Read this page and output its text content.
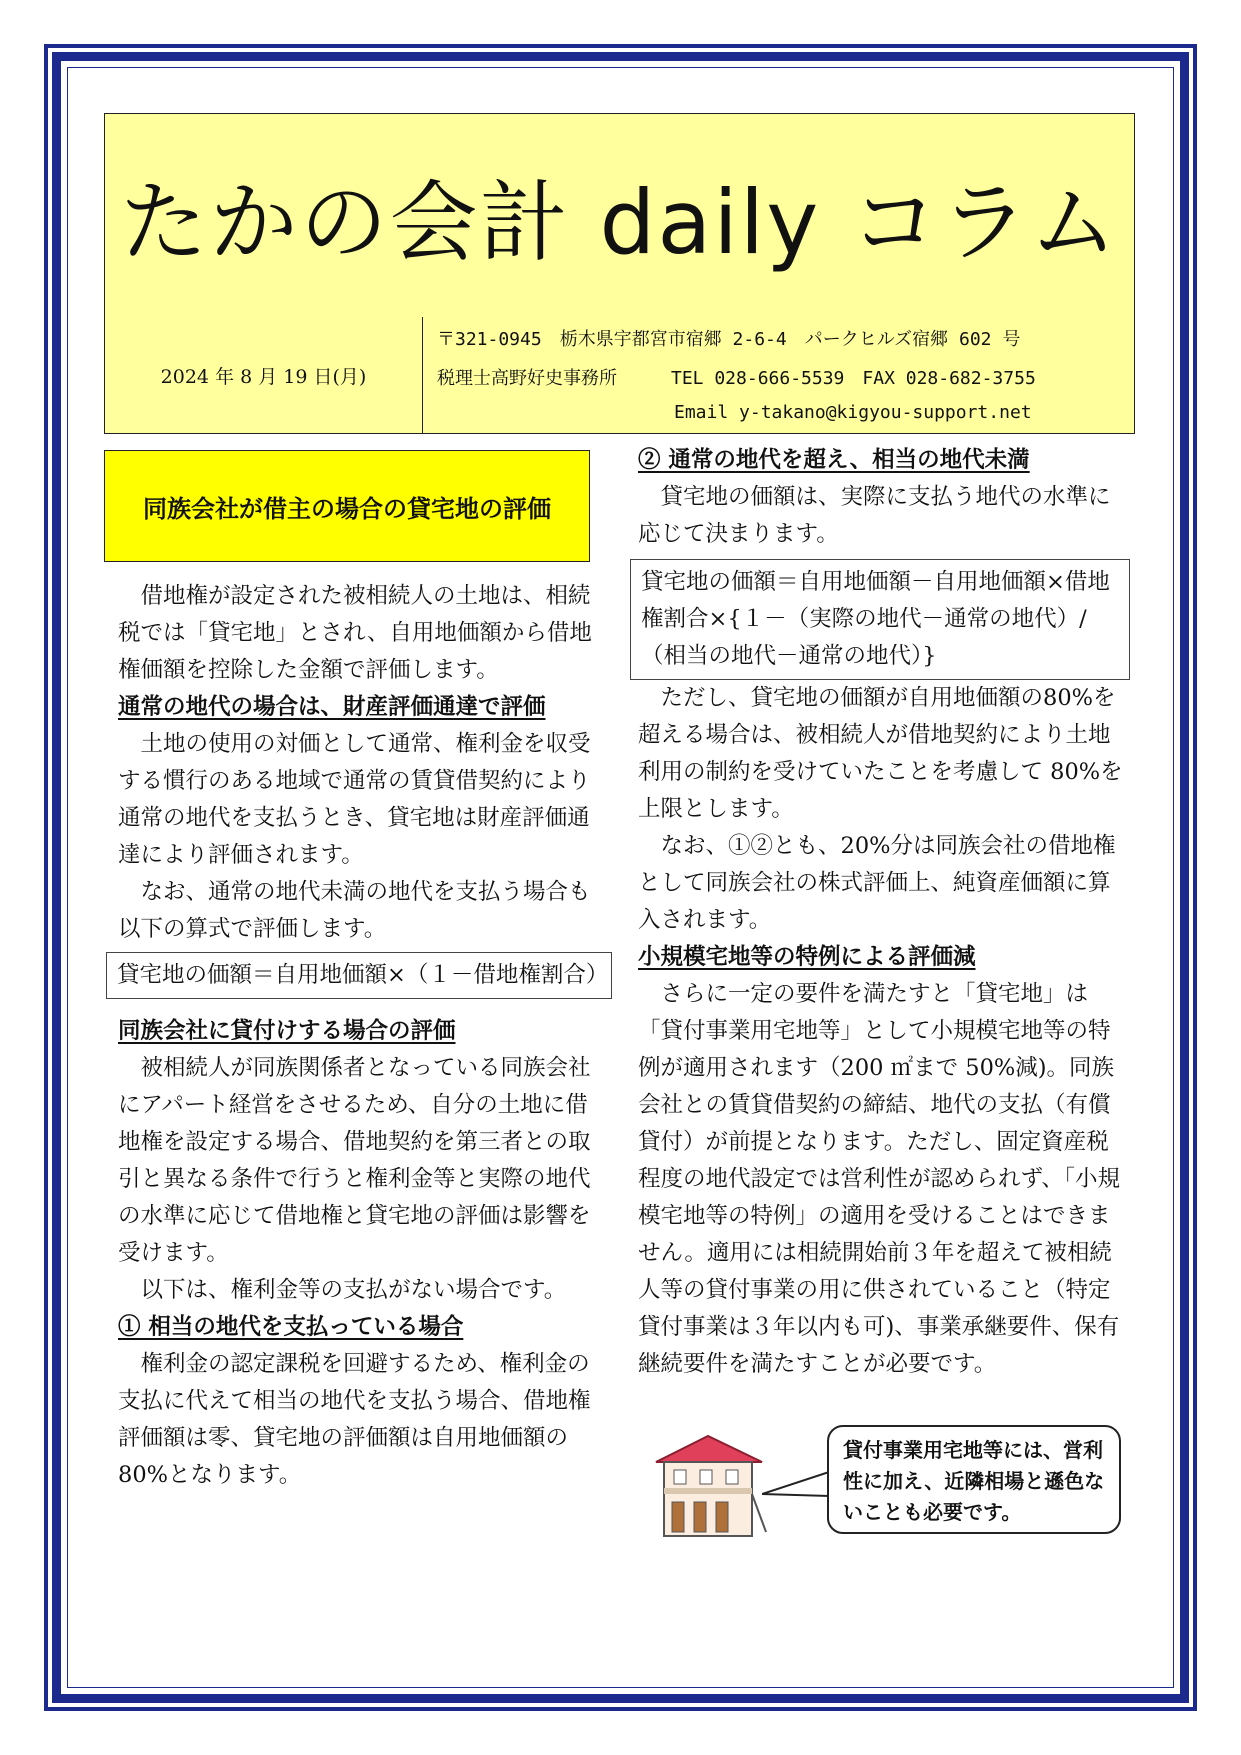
たかの会計 daily コラム
2024 年 8 月 19 日(月)
〒321-0945　栃木県宇都宮市宿郷 2-6-4　パークヒルズ宿郷 602 号
税理士高野好史事務所　　　TEL 028-666-5539　FAX 028-682-3755
Email y-takano@kigyou-support.net
同族会社が借主の場合の貸宅地の評価

借地権が設定された被相続人の土地は、相続税では「貸宅地」とされ、自用地価額から借地権価額を控除した金額で評価します。

通常の地代の場合は、財産評価通達で評価

土地の使用の対価として通常、権利金を収受する慣行のある地域で通常の賃貸借契約により通常の地代を支払うとき、貸宅地は財産評価通達により評価されます。

なお、通常の地代未満の地代を支払う場合も以下の算式で評価します。

貸宅地の価額＝自用地価額×（１－借地権割合）
同族会社に貸付けする場合の評価

被相続人が同族関係者となっている同族会社にアパート経営をさせるため、自分の土地に借地権を設定する場合、借地契約を第三者との取引と異なる条件で行うと権利金等と実際の地代の水準に応じて借地権と貸宅地の評価は影響を受けます。

以下は、権利金等の支払がない場合です。

① 相当の地代を支払っている場合

権利金の認定課税を回避するため、権利金の支払に代えて相当の地代を支払う場合、借地権評価額は零、貸宅地の評価額は自用地価額の 80%となります。

② 通常の地代を超え、相当の地代未満

貸宅地の価額は、実際に支払う地代の水準に応じて決まります。

貸宅地の価額＝自用地価額－自用地価額×借地権割合×{１－（実際の地代－通常の地代）/（相当の地代－通常の地代）}

ただし、貸宅地の価額が自用地価額の80%を超える場合は、被相続人が借地契約により土地利用の制約を受けていたことを考慮して 80%を上限とします。

なお、①②とも、20%分は同族会社の借地権として同族会社の株式評価上、純資産価額に算入されます。

小規模宅地等の特例による評価減

さらに一定の要件を満たすと「貸宅地」は「貸付事業用宅地等」として小規模宅地等の特例が適用されます（200 ㎡まで 50%減)。同族会社との賃貸借契約の締結、地代の支払（有償貸付）が前提となります。ただし、固定資産税程度の地代設定では営利性が認められず、「小規模宅地等の特例」の適用を受けることはできません。適用には相続開始前３年を超えて被相続人等の貸付事業の用に供されていること（特定貸付事業は３年以内も可)、事業承継要件、保有継続要件を満たすことが必要です。

貸付事業用宅地等には、営利性に加え、近隣相場と遜色ないことも必要です。
